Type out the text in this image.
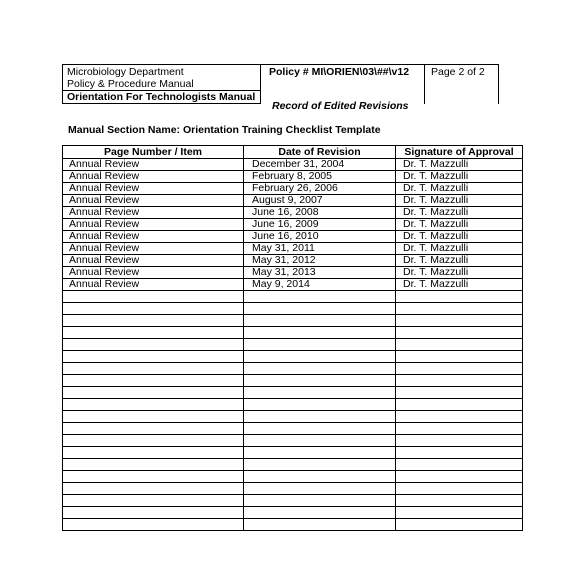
Microbiology Department
Policy & Procedure Manual
	Policy # MI\ORIEN\03\##\v12	Page 2 of 2
Orientation For Technologists Manual
Record of Edited Revisions
Manual Section Name: Orientation Training Checklist Template
Page Number / Item	Date of Revision	Signature of Approval
Annual Review	December 31, 2004	Dr. T. Mazzulli
Annual Review	February 8, 2005	Dr. T. Mazzulli
Annual Review	February 26, 2006	Dr. T. Mazzulli
Annual Review	August 9, 2007	Dr. T. Mazzulli
Annual Review	June 16, 2008	Dr. T. Mazzulli
Annual Review	June 16, 2009	Dr. T. Mazzulli
Annual Review	June 16, 2010	Dr. T. Mazzulli
Annual Review	May 31, 2011	Dr. T. Mazzulli
Annual Review	May 31, 2012	Dr. T. Mazzulli
Annual Review	May 31, 2013	Dr. T. Mazzulli
Annual Review	May 9, 2014	Dr. T. Mazzulli
